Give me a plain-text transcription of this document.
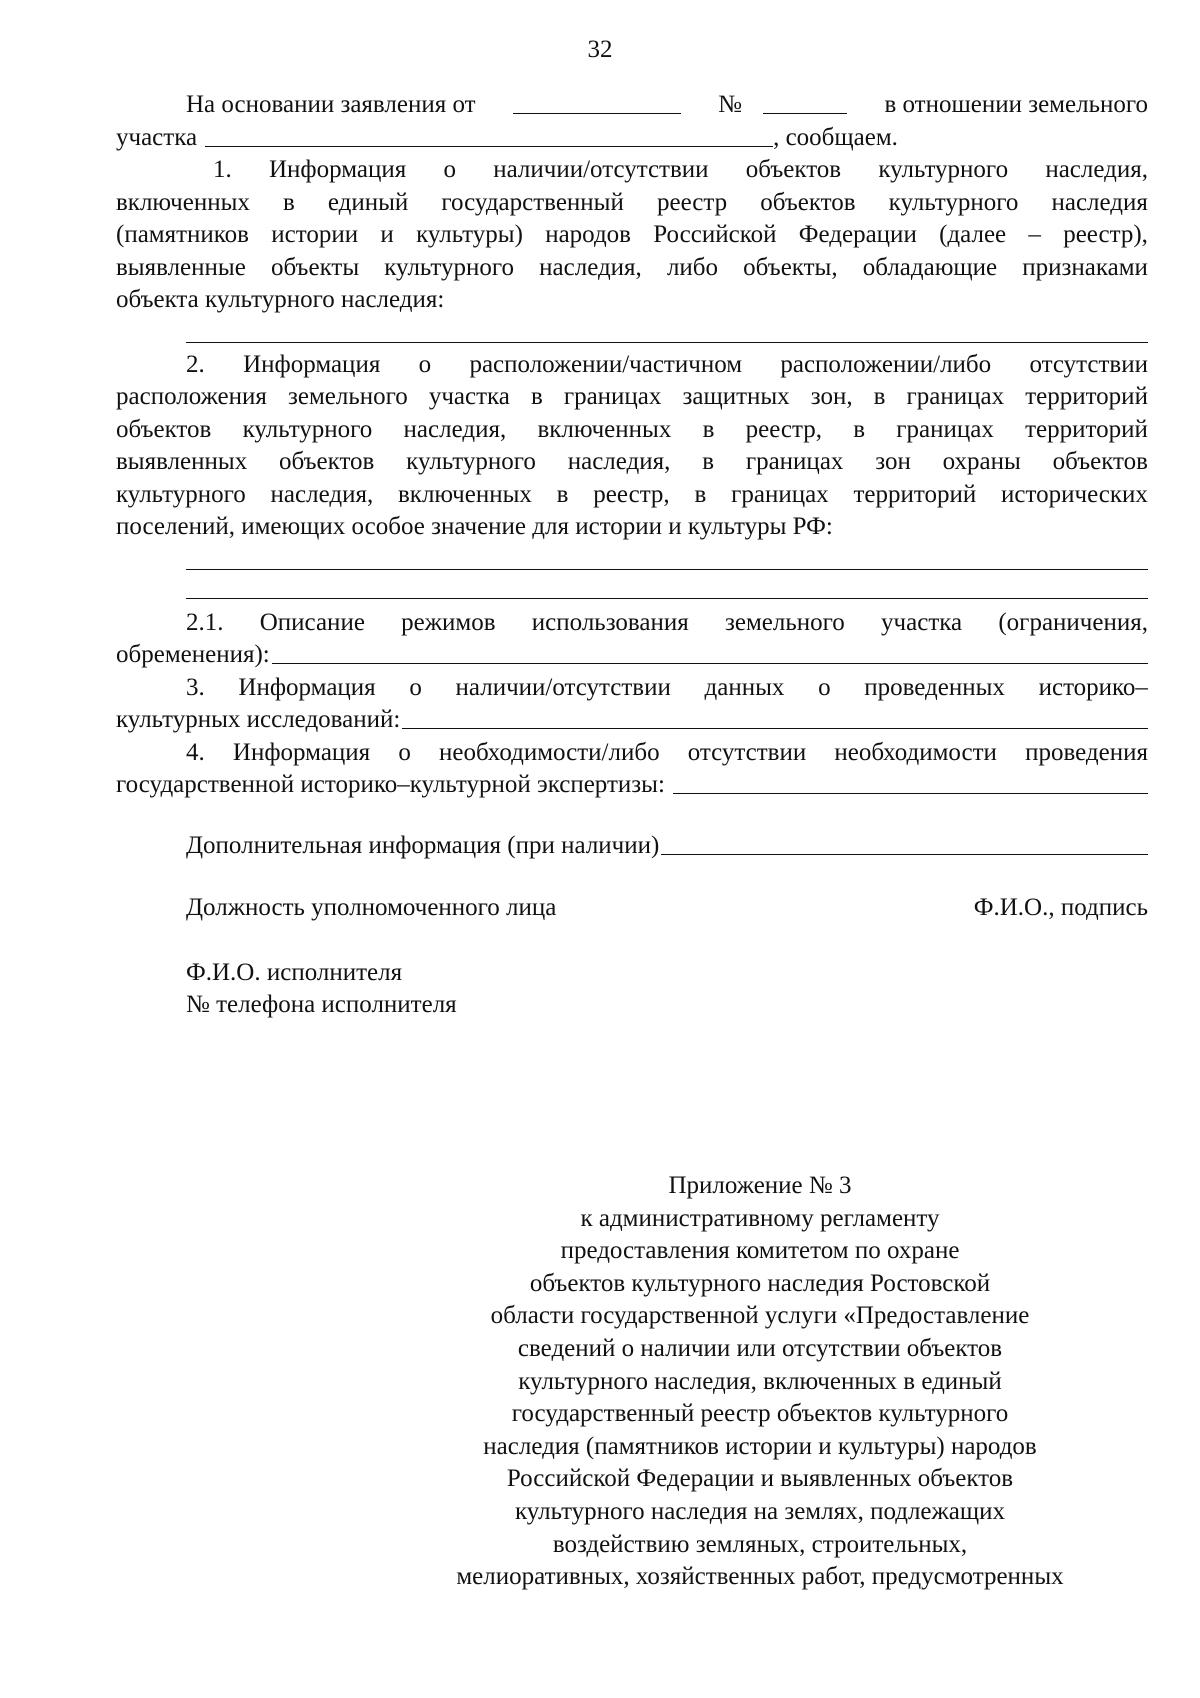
32
На основании заявления от	№	в отношении земельного
участка	, сообщаем.
1. Информация о наличии/отсутствии объектов культурного наследия,
включенных в единый государственный реестр объектов культурного наследия
(памятников истории и культуры) народов Российской Федерации (далее – реестр),
выявленные объекты культурного наследия, либо объекты, обладающие признаками
объекта культурного наследия:
2. Информация о расположении/частичном расположении/либо отсутствии
расположения земельного участка в границах защитных зон, в границах территорий
объектов культурного наследия, включенных в реестр, в границах территорий
выявленных объектов культурного наследия, в границах зон охраны объектов
культурного наследия, включенных в реестр, в границах территорий исторических
поселений, имеющих особое значение для истории и культуры РФ:
2.1. Описание режимов использования земельного участка (ограничения,
обременения):
3. Информация о наличии/отсутствии данных о проведенных историко–
культурных исследований:
4. Информация о необходимости/либо отсутствии необходимости проведения
государственной историко–культурной экспертизы:
Дополнительная информация (при наличии)
Должность уполномоченного лица	Ф.И.О., подпись
Ф.И.О. исполнителя
№ телефона исполнителя
Приложение № 3
к административному регламенту
предоставления комитетом по охране
объектов культурного наследия Ростовской
области государственной услуги «Предоставление
сведений о наличии или отсутствии объектов
культурного наследия, включенных в единый
государственный реестр объектов культурного
наследия (памятников истории и культуры) народов
Российской Федерации и выявленных объектов
культурного наследия на землях, подлежащих
воздействию земляных, строительных,
мелиоративных, хозяйственных работ, предусмотренных
